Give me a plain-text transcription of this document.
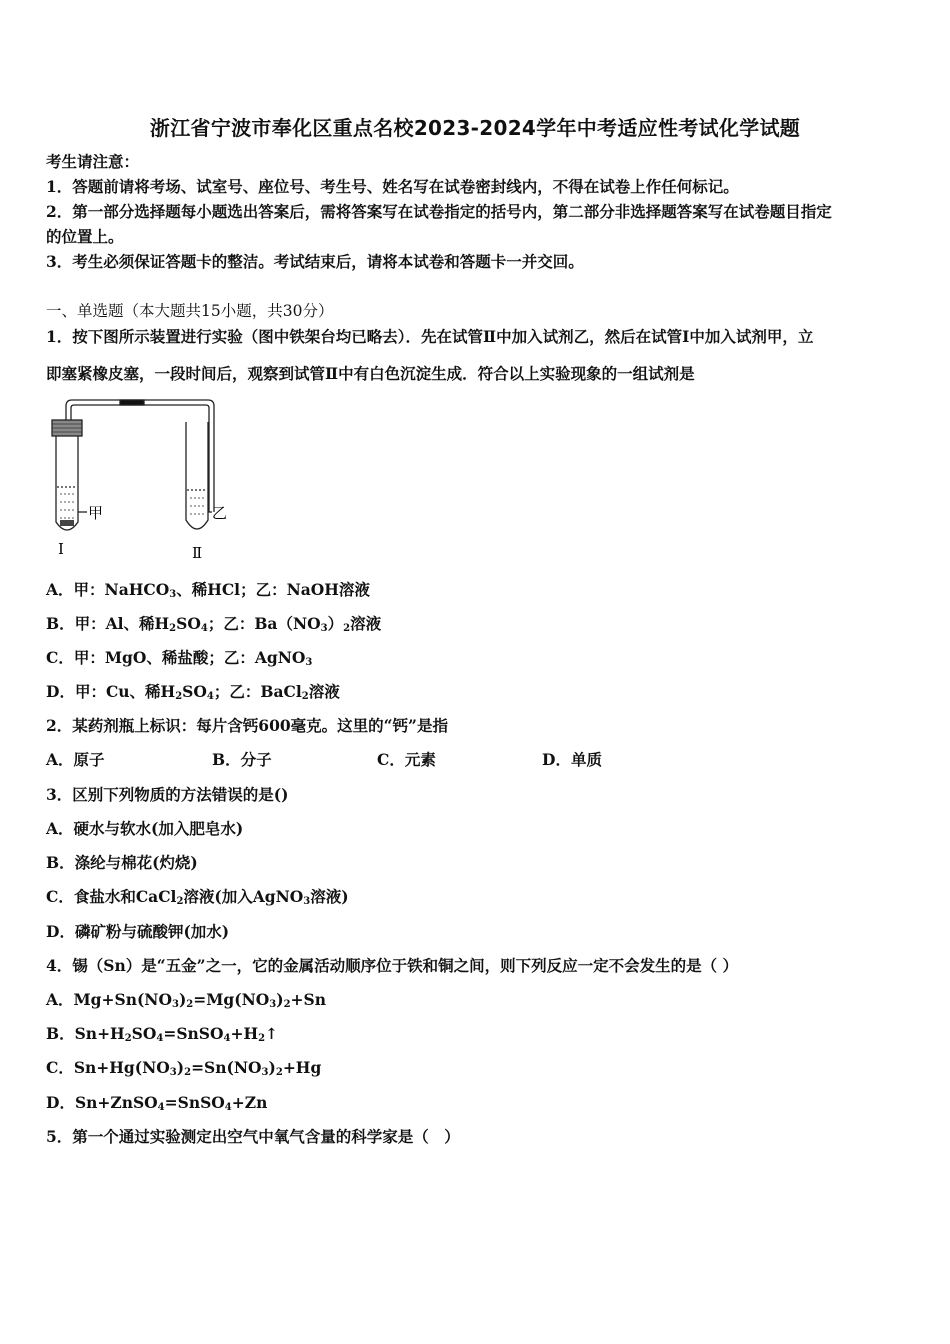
浙江省宁波市奉化区重点名校2023-2024学年中考适应性考试化学试题
考生请注意：
1．答题前请将考场、试室号、座位号、考生号、姓名写在试卷密封线内，不得在试卷上作任何标记。
2．第一部分选择题每小题选出答案后，需将答案写在试卷指定的括号内，第二部分非选择题答案写在试卷题目指定
的位置上。
3．考生必须保证答题卡的整洁。考试结束后，请将本试卷和答题卡一并交回。
一、单选题（本大题共15小题，共30分）
1．按下图所示装置进行实验（图中铁架台均已略去）．先在试管Ⅱ中加入试剂乙，然后在试管Ⅰ中加入试剂甲，立
即塞紧橡皮塞，一段时间后，观察到试管Ⅱ中有白色沉淀生成．符合以上实验现象的一组试剂是
甲	乙
Ⅰ	Ⅱ
A．甲：NaHCO$_3$、稀HCl；乙：NaOH溶液
B．甲：Al、稀$H_2SO_4$；乙：$Ba(NO_3)_2$溶液
C．甲：MgO、稀盐酸；乙：AgNO$_3$
D．甲：Cu、稀$H_2SO_4$；乙：BaCl$_2$溶液
2．某药剂瓶上标识：每片含钙600毫克。这里的“钙”是指
A．原子	B．分子	C．元素	D．单质
3．区别下列物质的方法错误的是()
A．硬水与软水(加入肥皂水)
B．涤纶与棉花(灼烧)
C．食盐水和CaCl$_2$溶液(加入AgNO$_3$溶液)
D．磷矿粉与硫酸钾(加水)
4．锡（Sn）是“五金”之一，它的金属活动顺序位于铁和铜之间，则下列反应一定不会发生的是（ ）
A．$Mg+Sn(NO_3)_2=Mg(NO_3)_2+Sn$
B．$Sn+H_2SO_4=SnSO_4+H_2↑$
C．$Sn+Hg(NO_3)_2=Sn(NO_3)_2+Hg$
D．Sn+ZnSO$_4$=SnSO$_4$+Zn
5．第一个通过实验测定出空气中氧气含量的科学家是（　）
